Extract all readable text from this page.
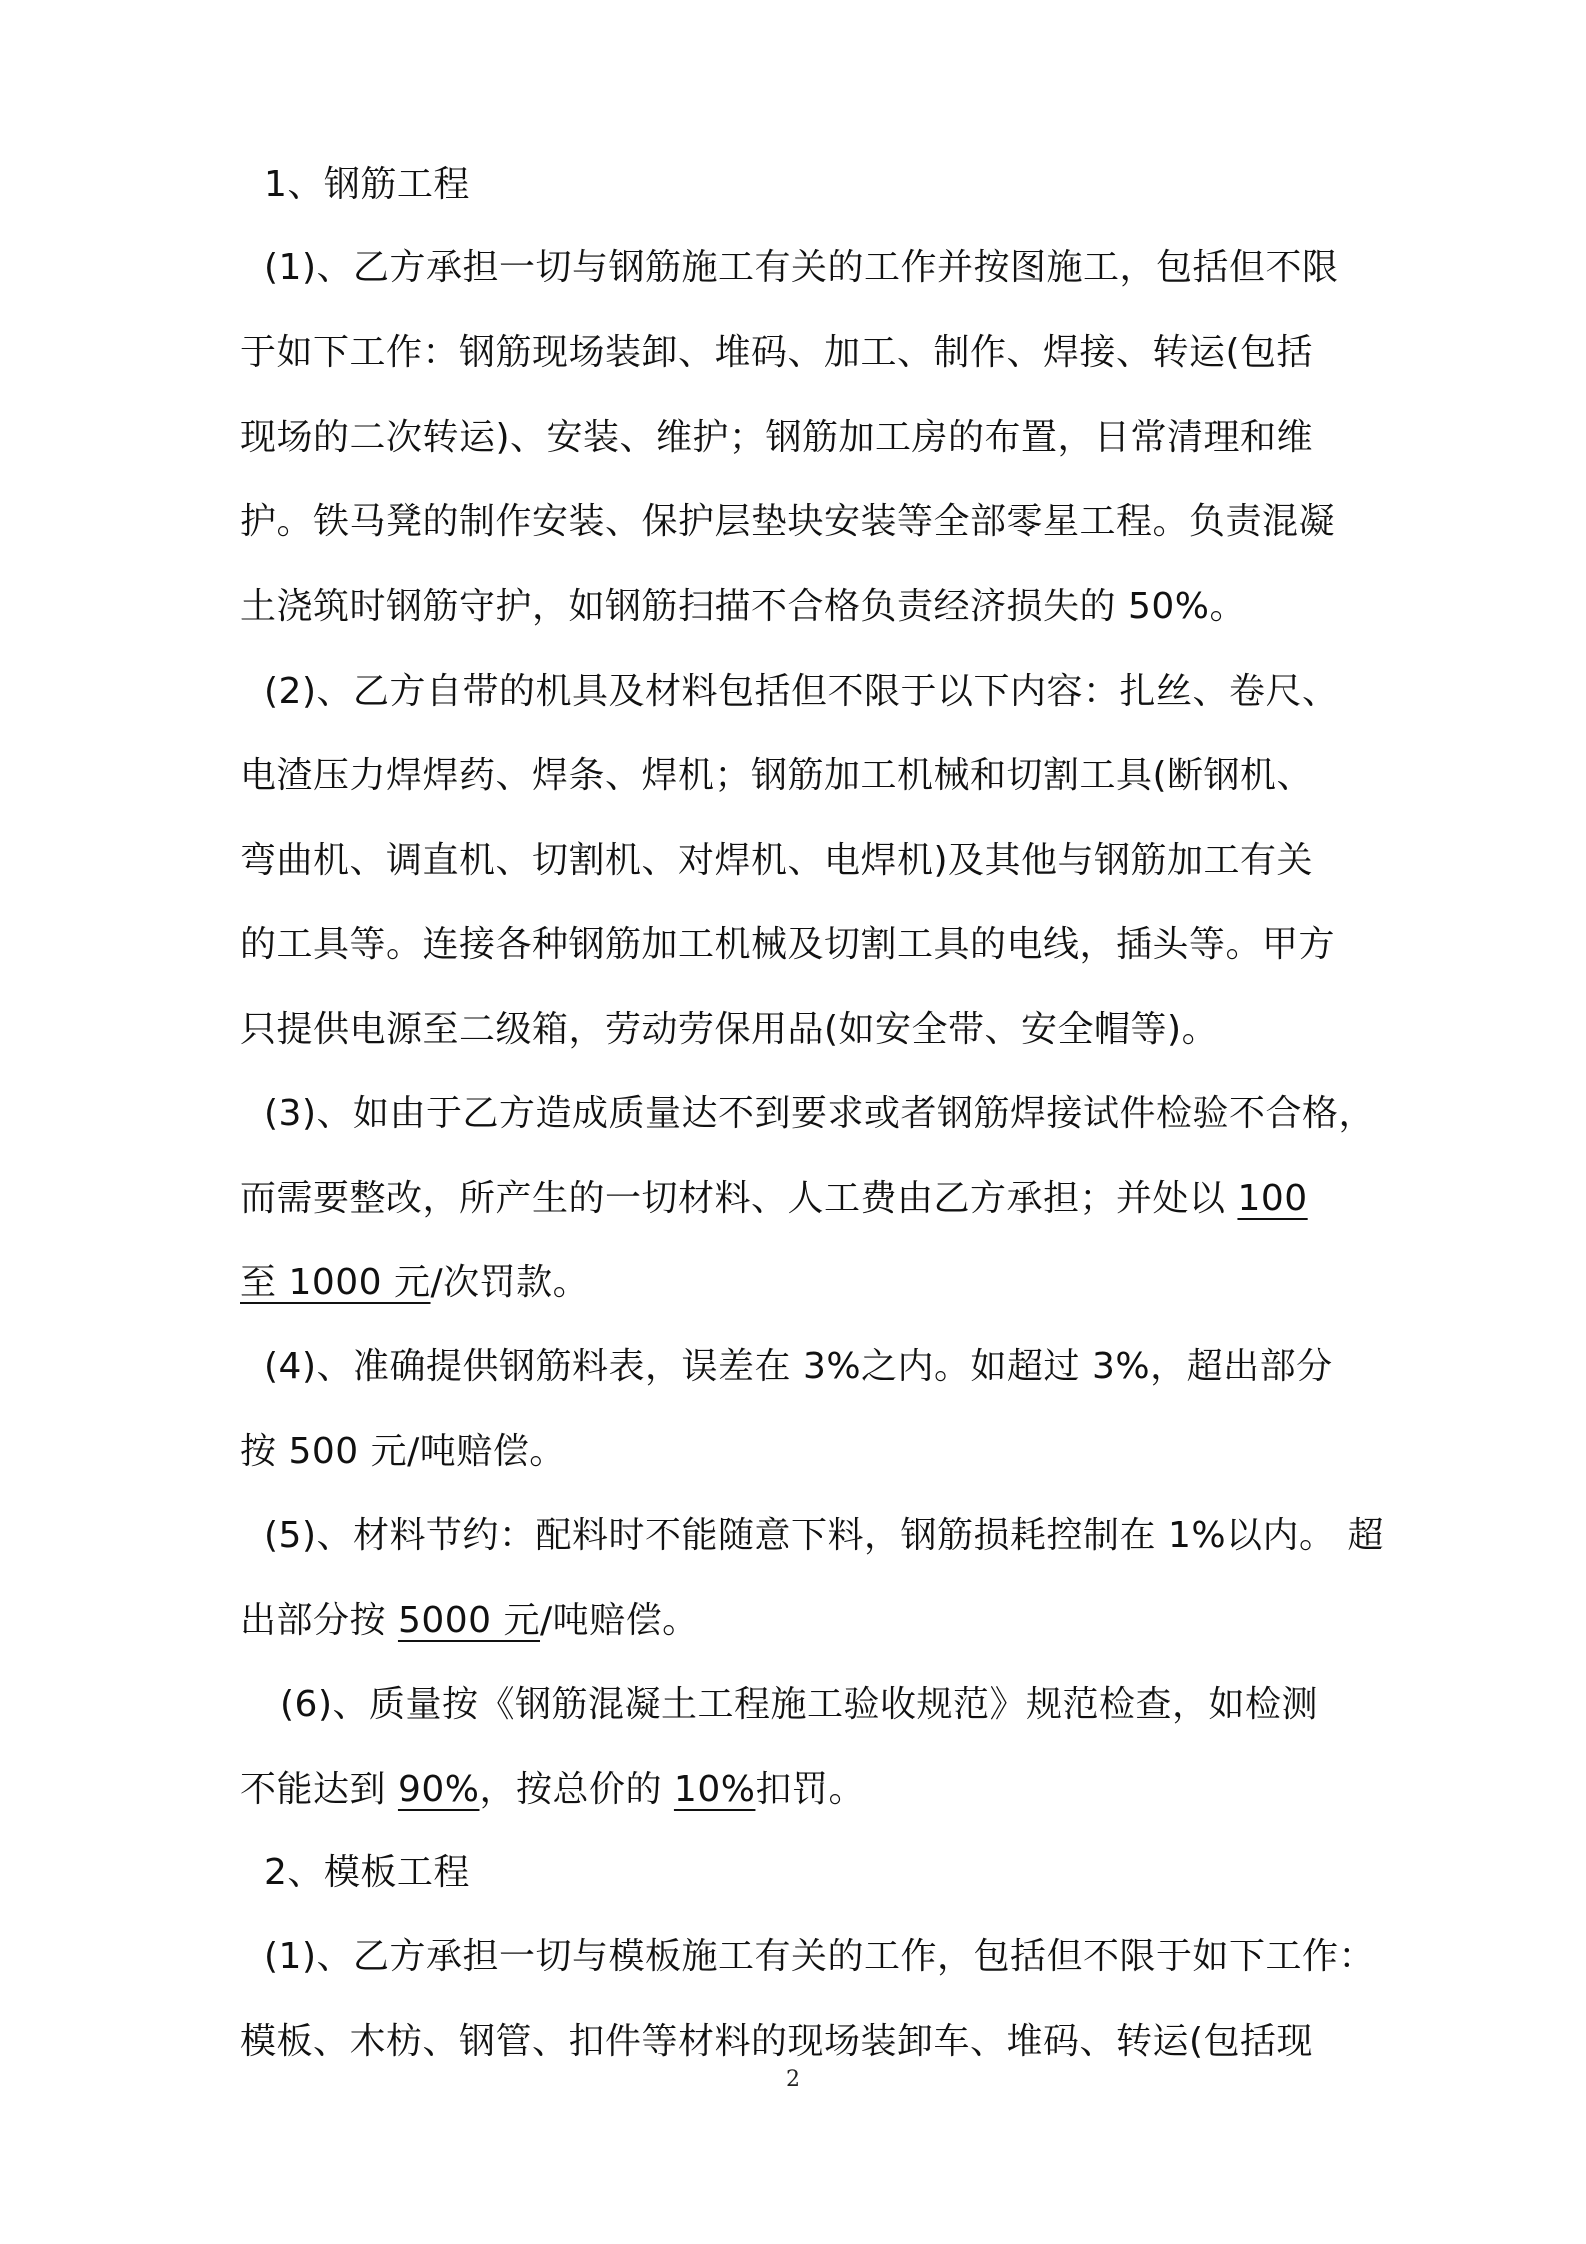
1、钢筋工程
(1)、乙方承担一切与钢筋施工有关的工作并按图施工，包括但不限
于如下工作：钢筋现场装卸、堆码、加工、制作、焊接、转运(包括
现场的二次转运)、安装、维护；钢筋加工房的布置，日常清理和维
护。铁马凳的制作安装、保护层垫块安装等全部零星工程。负责混凝
土浇筑时钢筋守护，如钢筋扫描不合格负责经济损失的 50%。
(2)、乙方自带的机具及材料包括但不限于以下内容：扎丝、卷尺、
电渣压力焊焊药、焊条、焊机；钢筋加工机械和切割工具(断钢机、
弯曲机、调直机、切割机、对焊机、电焊机)及其他与钢筋加工有关
的工具等。连接各种钢筋加工机械及切割工具的电线，插头等。甲方
只提供电源至二级箱，劳动劳保用品(如安全带、安全帽等)。
(3)、如由于乙方造成质量达不到要求或者钢筋焊接试件检验不合格，
而需要整改，所产生的一切材料、人工费由乙方承担；并处以 100
至 1000 元/次罚款。
(4)、准确提供钢筋料表，误差在 3%之内。如超过 3%，超出部分
按 500 元/吨赔偿。
(5)、材料节约：配料时不能随意下料，钢筋损耗控制在 1%以内。 超
出部分按 5000 元/吨赔偿。
(6)、质量按《钢筋混凝土工程施工验收规范》规范检查，如检测
不能达到 90%，按总价的 10%扣罚。
2、模板工程
(1)、乙方承担一切与模板施工有关的工作，包括但不限于如下工作：
模板、木枋、钢管、扣件等材料的现场装卸车、堆码、转运(包括现
2
